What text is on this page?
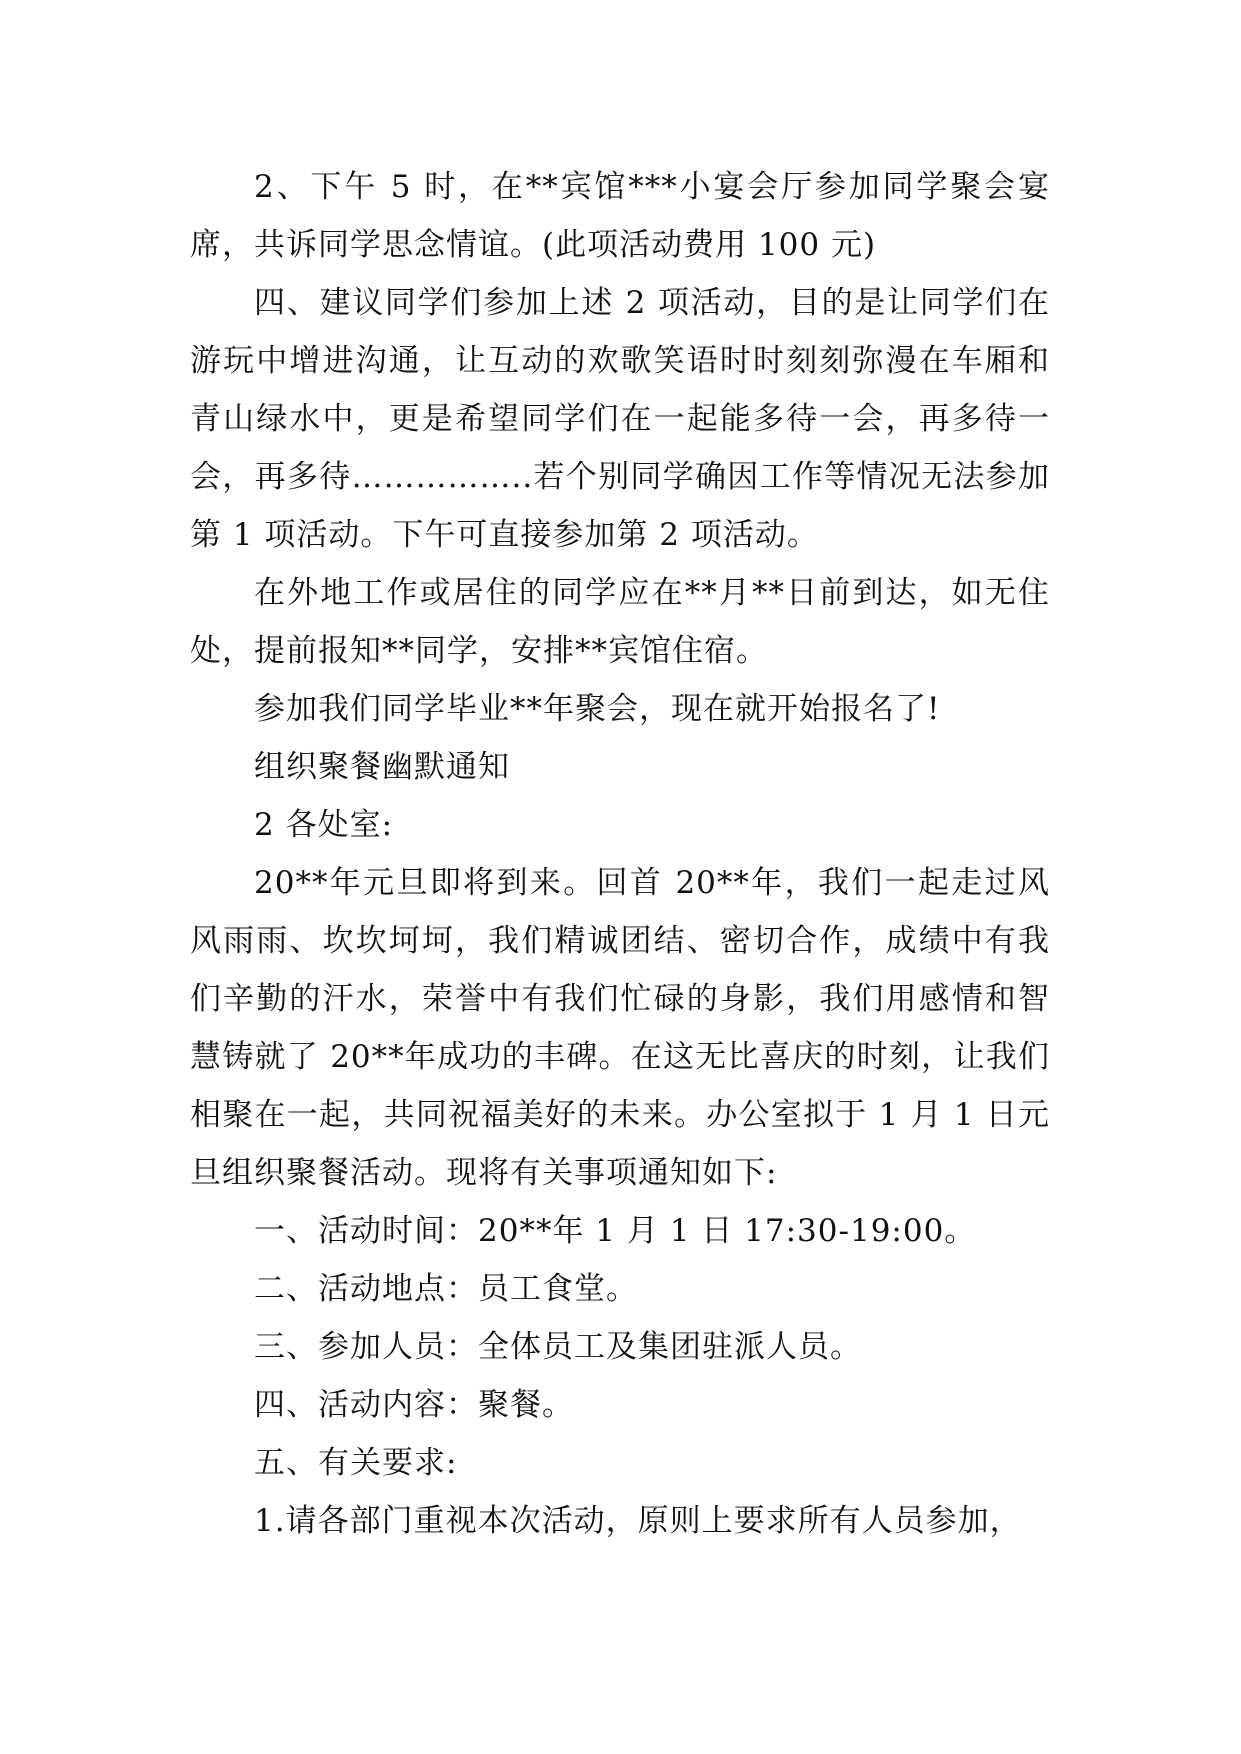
2、下午 5 时，在**宾馆***小宴会厅参加同学聚会宴席，共诉同学思念情谊。(此项活动费用 100 元)

四、建议同学们参加上述 2 项活动，目的是让同学们在游玩中增进沟通，让互动的欢歌笑语时时刻刻弥漫在车厢和青山绿水中，更是希望同学们在一起能多待一会，再多待一会，再多待……………..若个别同学确因工作等情况无法参加第 1 项活动。下午可直接参加第 2 项活动。

在外地工作或居住的同学应在**月**日前到达，如无住处，提前报知**同学，安排**宾馆住宿。

参加我们同学毕业**年聚会，现在就开始报名了!

组织聚餐幽默通知

2 各处室:

20**年元旦即将到来。回首 20**年，我们一起走过风风雨雨、坎坎坷坷，我们精诚团结、密切合作，成绩中有我们辛勤的汗水，荣誉中有我们忙碌的身影，我们用感情和智慧铸就了 20**年成功的丰碑。在这无比喜庆的时刻，让我们相聚在一起，共同祝福美好的未来。办公室拟于 1 月 1 日元旦组织聚餐活动。现将有关事项通知如下:

一、活动时间：20**年 1 月 1 日 17:30-19:00。

二、活动地点：员工食堂。

三、参加人员：全体员工及集团驻派人员。

四、活动内容：聚餐。

五、有关要求:

1.请各部门重视本次活动，原则上要求所有人员参加，
